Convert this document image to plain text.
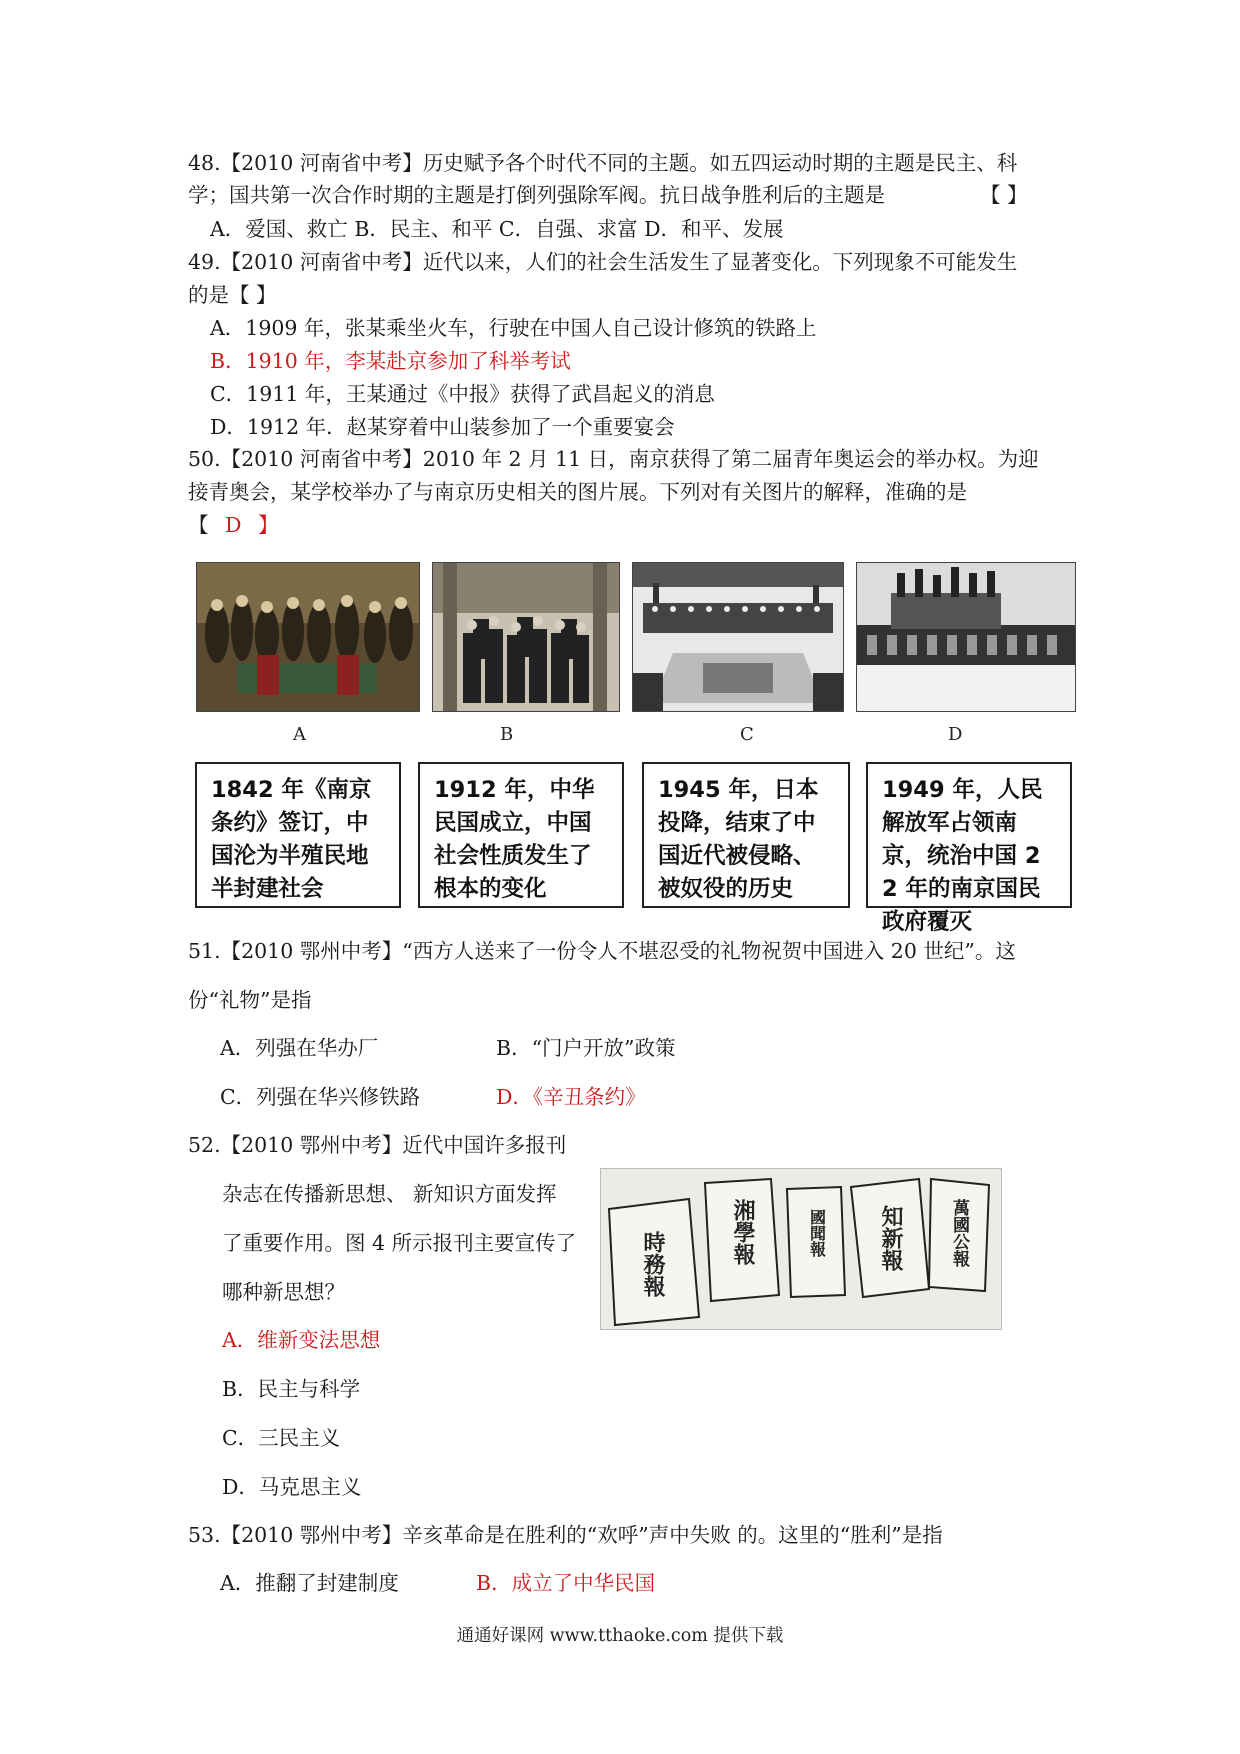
48.【2010 河南省中考】历史赋予各个时代不同的主题。如五四运动时期的主题是民主、科
学；国共第一次合作时期的主题是打倒列强除军阀。抗日战争胜利后的主题是	【 】
A．爱国、救亡 B．民主、和平 C．自强、求富 D．和平、发展
49.【2010 河南省中考】近代以来，人们的社会生活发生了显著变化。下列现象不可能发生
的是【 】
A．1909 年，张某乘坐火车，行驶在中国人自己设计修筑的铁路上
B．1910 年，李某赴京参加了科举考试
C．1911 年，王某通过《中报》获得了武昌起义的消息
D．1912 年．赵某穿着中山装参加了一个重要宴会
50.【2010 河南省中考】2010 年 2 月 11 日，南京获得了第二届青年奥运会的举办权。为迎
接青奥会，某学校举办了与南京历史相关的图片展。下列对有关图片的解释，准确的是
【 D 】
A	B	C	D
1842 年《南京条约》签订，中国沦为半殖民地半封建社会
1912 年，中华民国成立，中国社会性质发生了根本的变化
1945 年，日本投降，结束了中国近代被侵略、被奴役的历史
1949 年，人民解放军占领南京，统治中国 22 年的南京国民政府覆灭
51.【2010 鄂州中考】“西方人送来了一份令人不堪忍受的礼物祝贺中国进入 20 世纪”。这
份“礼物”是指
A．列强在华办厂	B．“门户开放”政策
C．列强在华兴修铁路	D．《辛丑条约》
52.【2010 鄂州中考】近代中国许多报刊
杂志在传播新思想、 新知识方面发挥
了重要作用。图 4 所示报刊主要宣传了
哪种新思想？
A．维新变法思想
B．民主与科学
C．三民主义
D．马克思主义
時務報	湘學報	國聞報 知新報	萬國公報
53.【2010 鄂州中考】辛亥革命是在胜利的“欢呼”声中失败 的。这里的“胜利”是指
A．推翻了封建制度	B．成立了中华民国
通通好课网 www.tthaoke.com 提供下载
